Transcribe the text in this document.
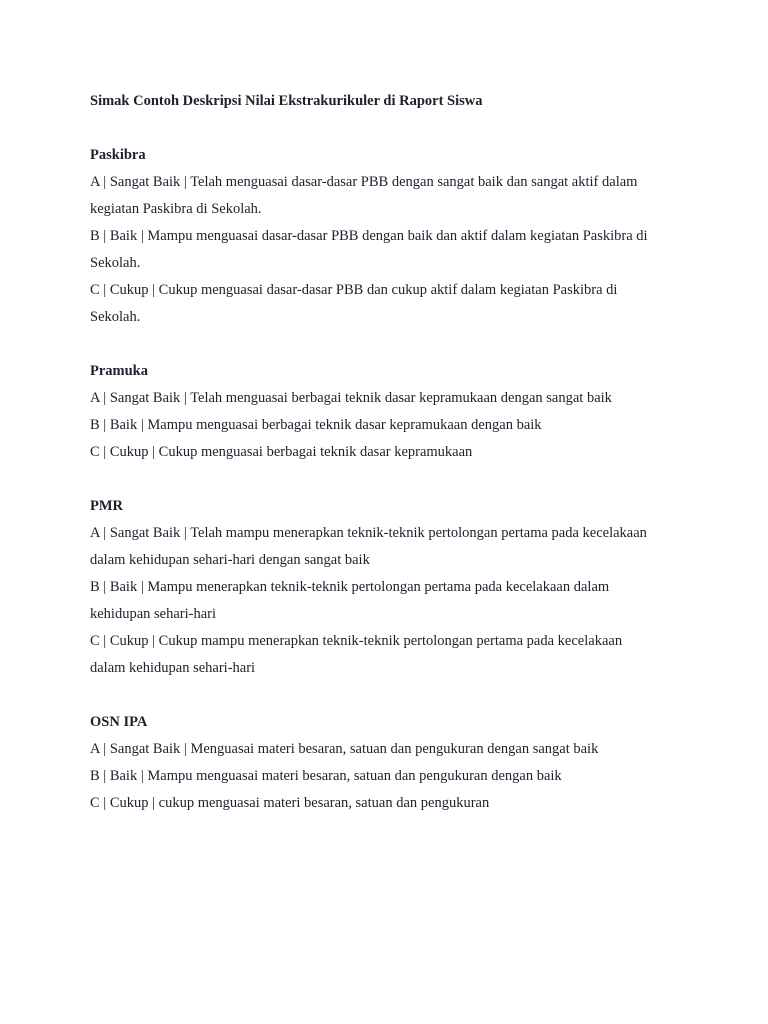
Simak Contoh Deskripsi Nilai Ekstrakurikuler di Raport Siswa
Paskibra

A | Sangat Baik | Telah menguasai dasar-dasar PBB dengan sangat baik dan sangat aktif dalam

kegiatan Paskibra di Sekolah.

B | Baik | Mampu menguasai dasar-dasar PBB dengan baik dan aktif dalam kegiatan Paskibra di

Sekolah.

C | Cukup | Cukup menguasai dasar-dasar PBB dan cukup aktif dalam kegiatan Paskibra di

Sekolah.

Pramuka

A | Sangat Baik | Telah menguasai berbagai teknik dasar kepramukaan dengan sangat baik

B | Baik | Mampu menguasai berbagai teknik dasar kepramukaan dengan baik

C | Cukup | Cukup menguasai berbagai teknik dasar kepramukaan

PMR

A | Sangat Baik | Telah mampu menerapkan teknik-teknik pertolongan pertama pada kecelakaan

dalam kehidupan sehari-hari dengan sangat baik

B | Baik | Mampu menerapkan teknik-teknik pertolongan pertama pada kecelakaan dalam

kehidupan sehari-hari

C | Cukup | Cukup mampu menerapkan teknik-teknik pertolongan pertama pada kecelakaan

dalam kehidupan sehari-hari

OSN IPA

A | Sangat Baik | Menguasai materi besaran, satuan dan pengukuran dengan sangat baik

B | Baik | Mampu menguasai materi besaran, satuan dan pengukuran dengan baik

C | Cukup | cukup menguasai materi besaran, satuan dan pengukuran
